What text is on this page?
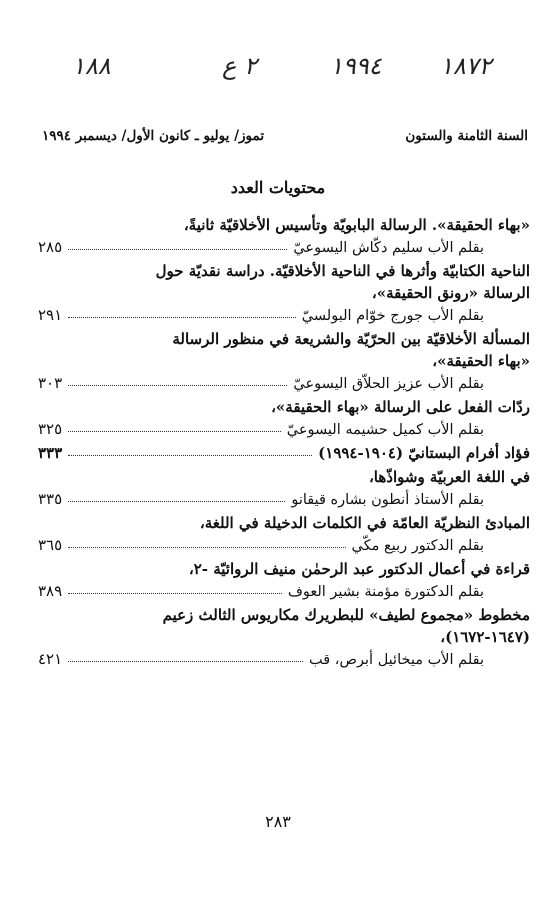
١٨٨	٢ ع	١٩٩٤ ١٨٧٢
السنة الثامنة والستون
تموز/ يوليو ـ كانون الأول/ ديسمبر ١٩٩٤
محتويات العدد
«بهاء الحقيقة». الرسالة البابويّة وتأسيس الأخلاقيّة ثانيةً،
بقلم الأب سليم دكّاش اليسوعيّ
٢٨٥
الناحية الكتابيّة وأثرها في الناحية الأخلاقيّة. دراسة نقديّة حول
الرسالة «رونق الحقيقة»،
بقلم الأب جورج خوّام البولسيّ
٢٩١
المسألة الأخلاقيّة بين الحرّيّة والشريعة في منظور الرسالة
«بهاء الحقيقة»،
بقلم الأب عزيز الحلاّق اليسوعيّ
٣٠٣
ردّات الفعل على الرسالة «بهاء الحقيقة»،
بقلم الأب كميل حشيمه اليسوعيّ
٣٢٥
فؤاد أفرام البستانيّ (١٩٠٤-١٩٩٤)
٣٣٣
في اللغة العربيّة وشواذّها،
بقلم الأستاذ أنطون بشاره قيقانو
٣٣٥
المبادئ النظريّة العامّة في الكلمات الدخيلة في اللغة،
بقلم الدكتور ربيع مكّي
٣٦٥
قراءة في أعمال الدكتور عبد الرحمٰن منيف الروائيّة -٢،
بقلم الدكتورة مؤمنة بشير العوف
٣٨٩
مخطوط «مجموع لطيف» للبطريرك مكاريوس الثالث زعيم
(١٦٤٧-١٦٧٢)،
بقلم الأب ميخائيل أبرص، قب
٤٢١
٢٨٣
